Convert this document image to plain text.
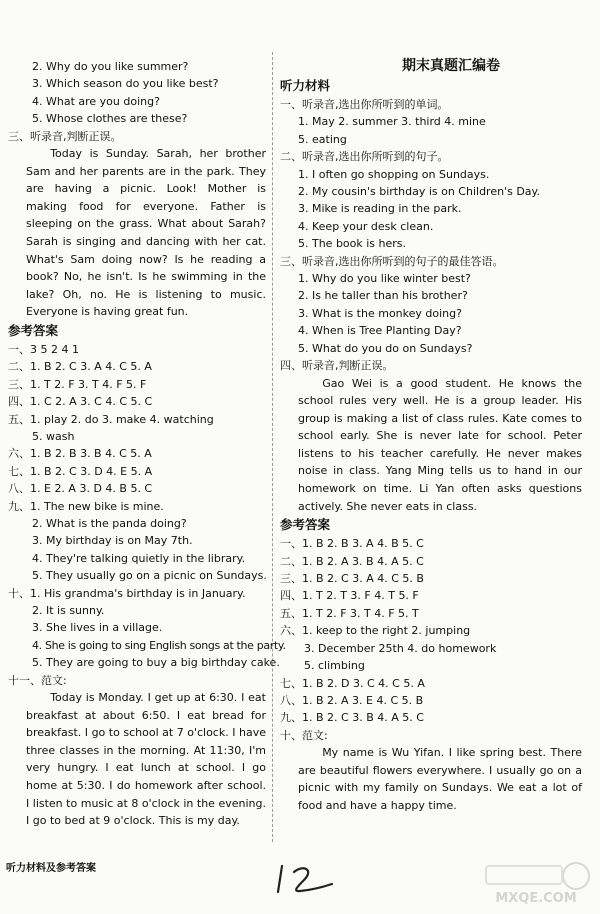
2. Why do you like summer?
3. Which season do you like best?
4. What are you doing?
5. Whose clothes are these?
三、听录音,判断正误。

Today is Sunday. Sarah, her brother Sam and her parents are in the park. They are having a picnic. Look! Mother is making food for everyone. Father is sleeping on the grass. What about Sarah? Sarah is singing and dancing with her cat. What's Sam doing now? Is he reading a book? No, he isn't. Is he swimming in the lake? Oh, no. He is listening to music. Everyone is having great fun.

参考答案
一、3 5 2 4 1
二、1. B 2. C 3. A 4. C 5. A
三、1. T 2. F 3. T 4. F 5. F
四、1. C 2. A 3. C 4. C 5. C
五、1. play 2. do 3. make 4. watching
5. wash
六、1. B 2. B 3. B 4. C 5. A
七、1. B 2. C 3. D 4. E 5. A
八、1. E 2. A 3. D 4. B 5. C
九、1. The new bike is mine.
2. What is the panda doing?
3. My birthday is on May 7th.
4. They're talking quietly in the library.
5. They usually go on a picnic on Sundays.
十、1. His grandma's birthday is in January.
2. It is sunny.
3. She lives in a village.
4. She is going to sing English songs at the party.
5. They are going to buy a big birthday cake.
十一、范文:

Today is Monday. I get up at 6:30. I eat breakfast at about 6:50. I eat bread for breakfast. I go to school at 7 o'clock. I have three classes in the morning. At 11:30, I'm very hungry. I eat lunch at school. I go home at 5:30. I do homework after school. I listen to music at 8 o'clock in the evening. I go to bed at 9 o'clock. This is my day.

期末真题汇编卷
听力材料
一、听录音,选出你所听到的单词。
1. May 2. summer 3. third 4. mine
5. eating
二、听录音,选出你所听到的句子。
1. I often go shopping on Sundays.
2. My cousin's birthday is on Children's Day.
3. Mike is reading in the park.
4. Keep your desk clean.
5. The book is hers.
三、听录音,选出你所听到的句子的最佳答语。
1. Why do you like winter best?
2. Is he taller than his brother?
3. What is the monkey doing?
4. When is Tree Planting Day?
5. What do you do on Sundays?
四、听录音,判断正误。

Gao Wei is a good student. He knows the school rules very well. He is a group leader. His group is making a list of class rules. Kate comes to school early. She is never late for school. Peter listens to his teacher carefully. He never makes noise in class. Yang Ming tells us to hand in our homework on time. Li Yan often asks questions actively. She never eats in class.

参考答案
一、1. B 2. B 3. A 4. B 5. C
二、1. B 2. A 3. B 4. A 5. C
三、1. B 2. C 3. A 4. C 5. B
四、1. T 2. T 3. F 4. T 5. F
五、1. T 2. F 3. T 4. F 5. T
六、1. keep to the right 2. jumping
3. December 25th 4. do homework
5. climbing
七、1. B 2. D 3. C 4. C 5. A
八、1. B 2. A 3. E 4. C 5. B
九、1. B 2. C 3. B 4. A 5. C
十、范文:

My name is Wu Yifan. I like spring best. There are beautiful flowers everywhere. I usually go on a picnic with my family on Sundays. We eat a lot of food and have a happy time.

听力材料及参考答案
MXQE.COM
